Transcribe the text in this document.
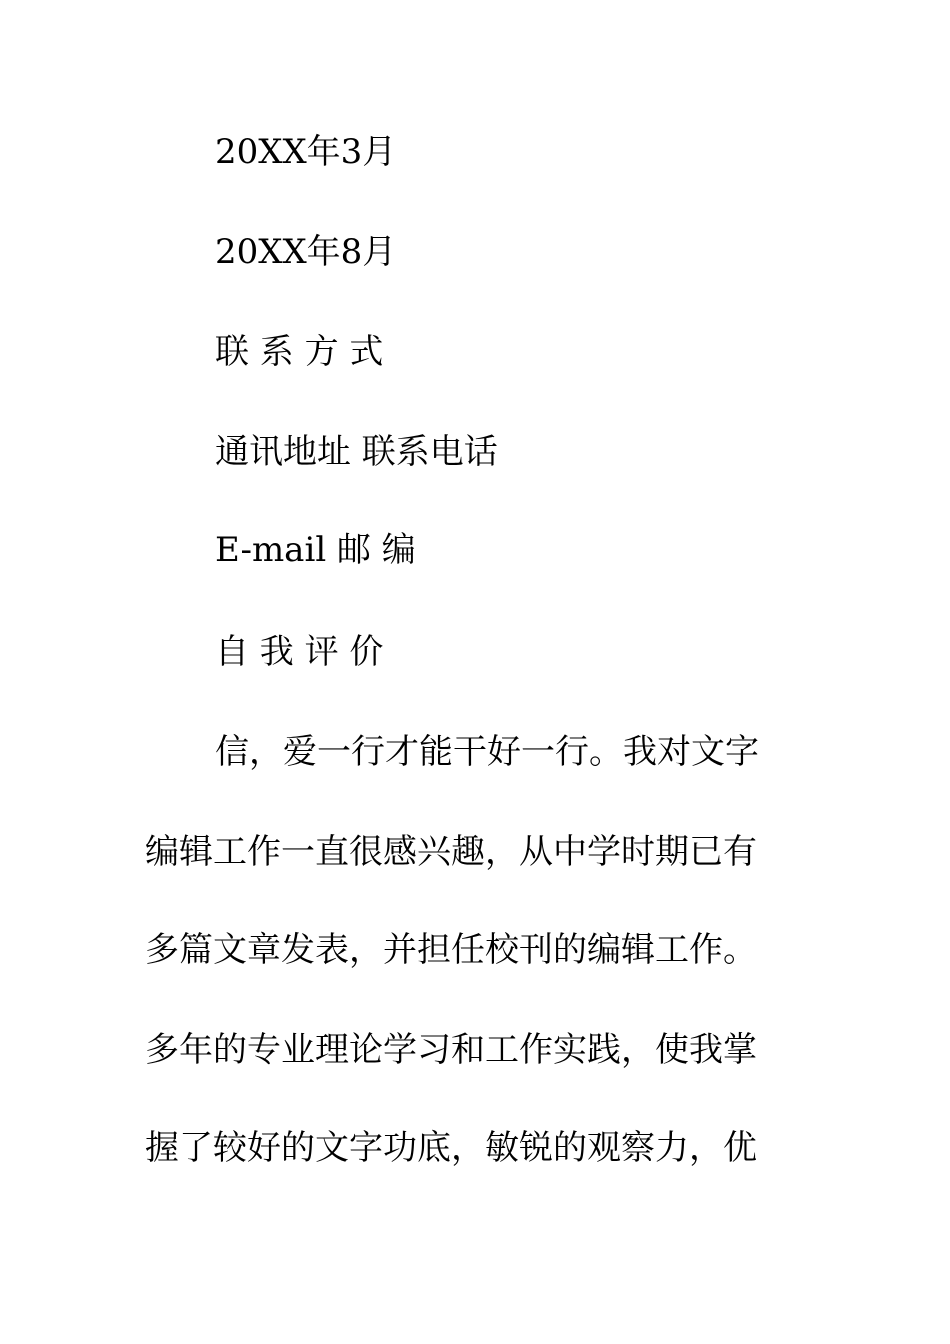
20XX年3月
20XX年8月
联 系 方 式
通讯地址 联系电话
E-mail 邮 编
自 我 评 价
信，爱一行才能干好一行。我对文字
编辑工作一直很感兴趣，从中学时期已有
多篇文章发表，并担任校刊的编辑工作。
多年的专业理论学习和工作实践，使我掌
握了较好的文字功底，敏锐的观察力，优
